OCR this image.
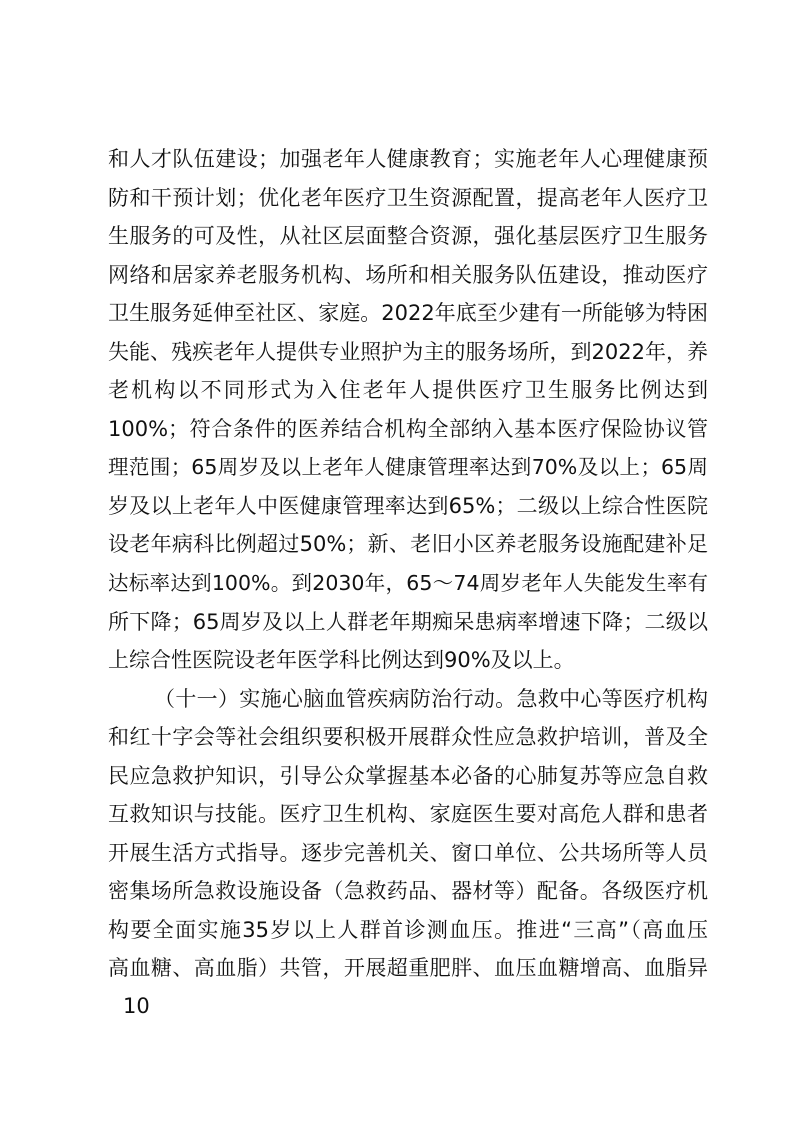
和人才队伍建设；加强老年人健康教育；实施老年人心理健康预
防和干预计划；优化老年医疗卫生资源配置，提高老年人医疗卫
生服务的可及性，从社区层面整合资源，强化基层医疗卫生服务
网络和居家养老服务机构、场所和相关服务队伍建设，推动医疗
卫生服务延伸至社区、家庭。2022年底至少建有一所能够为特困
失能、残疾老年人提供专业照护为主的服务场所，到2022年，养
老机构以不同形式为入住老年人提供医疗卫生服务比例达到
100%；符合条件的医养结合机构全部纳入基本医疗保险协议管
理范围；65周岁及以上老年人健康管理率达到70%及以上；65周
岁及以上老年人中医健康管理率达到65%；二级以上综合性医院
设老年病科比例超过50%；新、老旧小区养老服务设施配建补足
达标率达到100%。到2030年，65～74周岁老年人失能发生率有
所下降；65周岁及以上人群老年期痴呆患病率增速下降；二级以
上综合性医院设老年医学科比例达到90%及以上。
（十一）实施心脑血管疾病防治行动。急救中心等医疗机构
和红十字会等社会组织要积极开展群众性应急救护培训，普及全
民应急救护知识，引导公众掌握基本必备的心肺复苏等应急自救
互救知识与技能。医疗卫生机构、家庭医生要对高危人群和患者
开展生活方式指导。逐步完善机关、窗口单位、公共场所等人员
密集场所急救设施设备（急救药品、器材等）配备。各级医疗机
构要全面实施35岁以上人群首诊测血压。推进“三高”（高血压
高血糖、高血脂）共管，开展超重肥胖、血压血糖增高、血脂异
10
